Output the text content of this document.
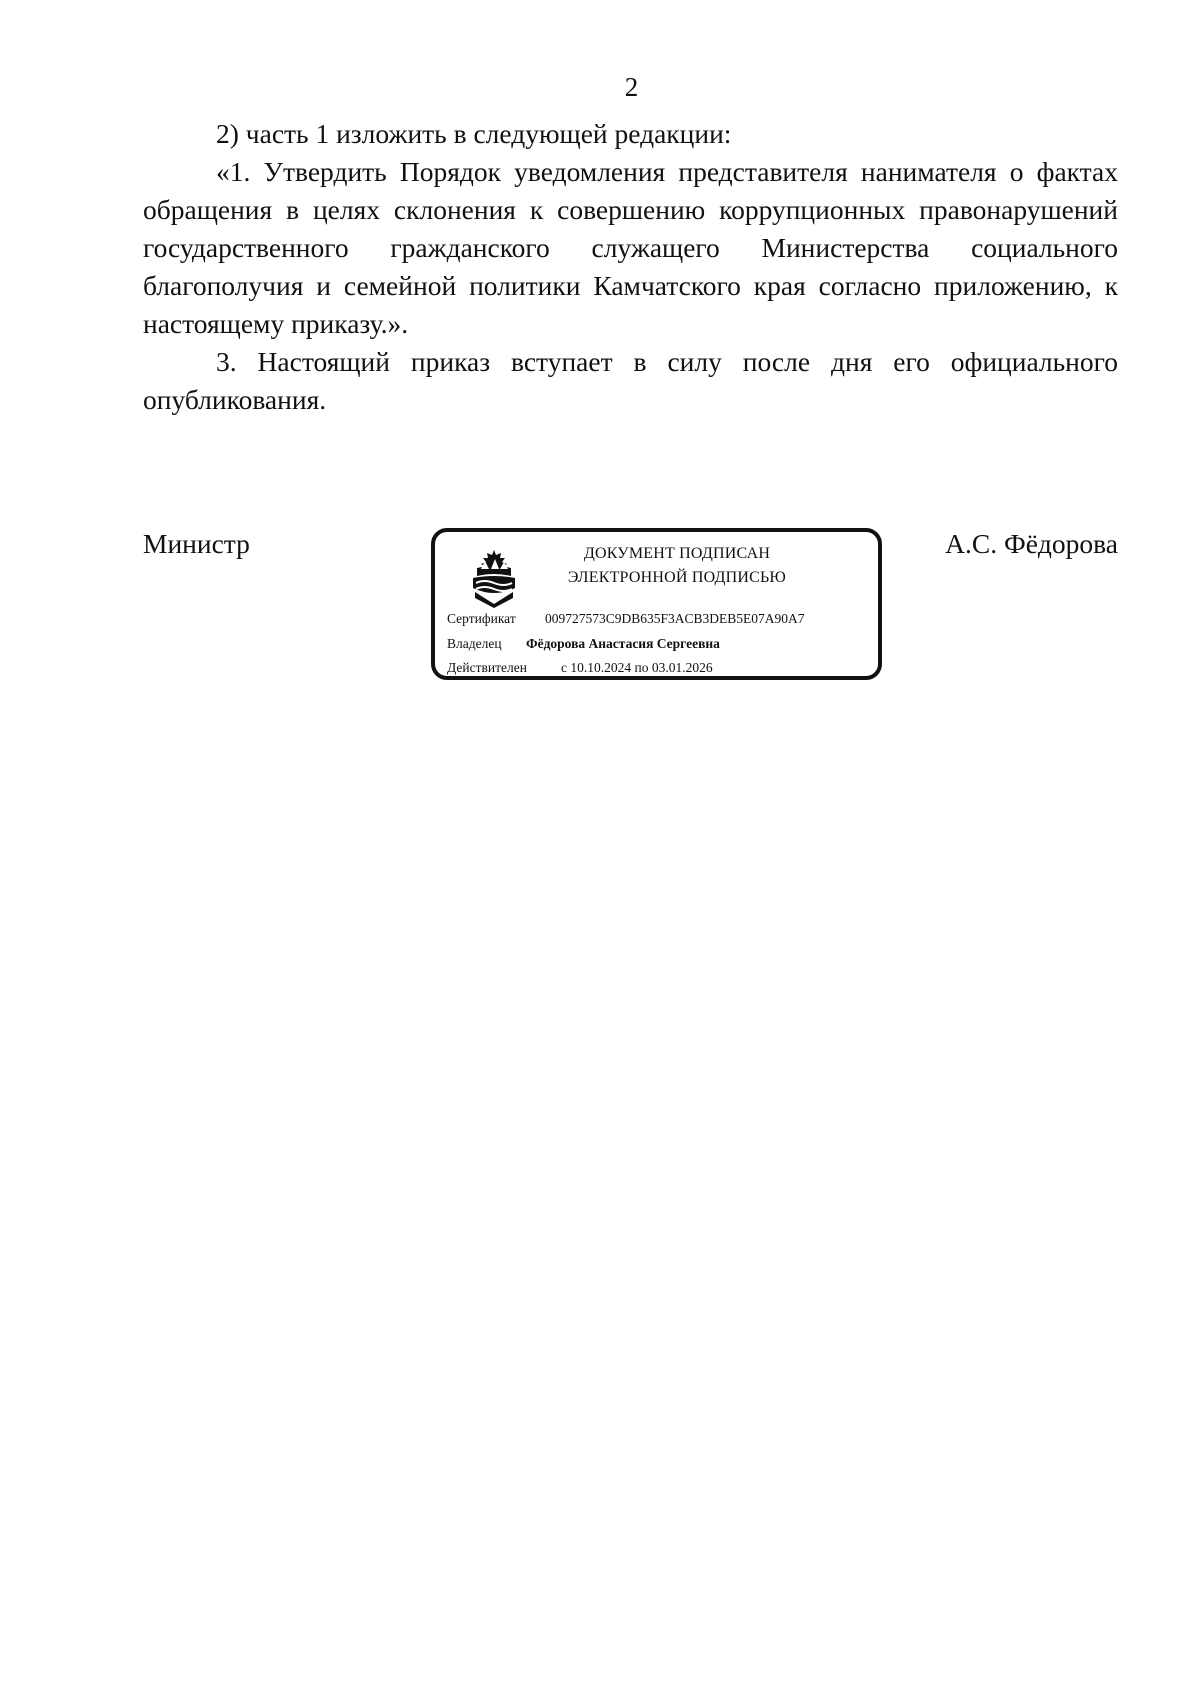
2

2) часть 1 изложить в следующей редакции:

«1. Утвердить Порядок уведомления представителя нанимателя о фактах обращения в целях склонения к совершению коррупционных правонарушений государственного гражданского служащего Министерства социального благополучия и семейной политики Камчатского края согласно приложению, к настоящему приказу.».

3. Настоящий приказ вступает в силу после дня его официального опубликования.

Министр	ДОКУМЕНТ ПОДПИСАН
ЭЛЕКТРОННОЙ ПОДПИСЬЮ
Сертификат 009727573C9DB635F3ACB3DEB5E07A90A7
Владелец Фёдорова Анастасия Сергеевна
Действителен	с 10.10.2024 по 03.01.2026
А.С. Фёдорова
